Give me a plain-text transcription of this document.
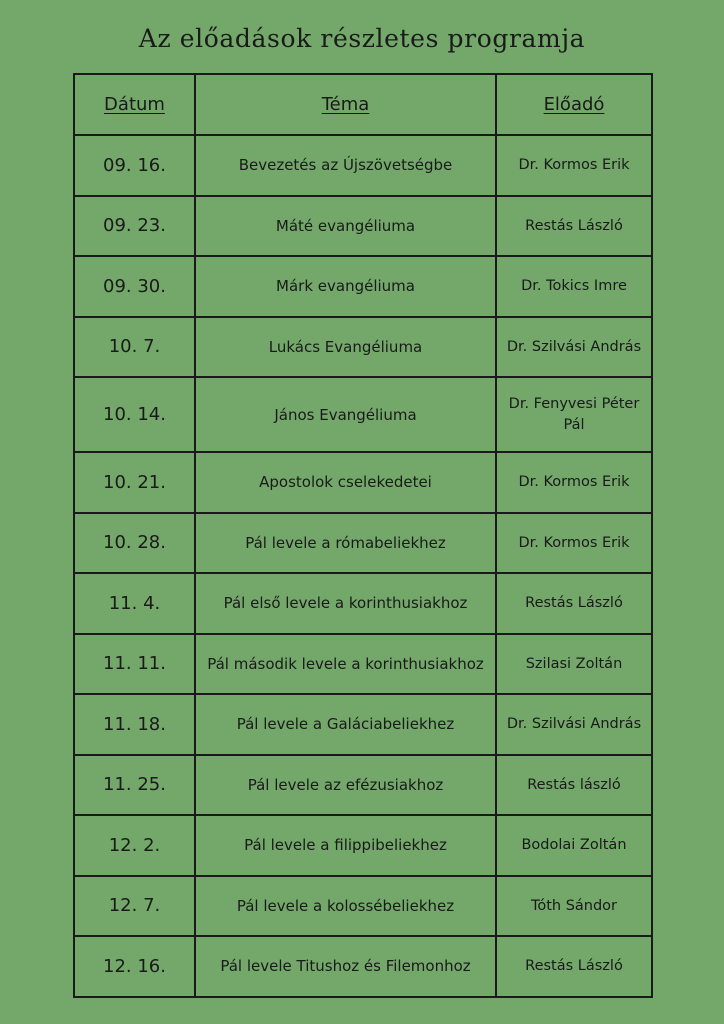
Az előadások részletes programja
Dátum	Téma	Előadó
09. 16.	Bevezetés az Újszövetségbe	Dr. Kormos Erik
09. 23.	Máté evangéliuma	Restás László
09. 30.	Márk evangéliuma	Dr. Tokics Imre
10. 7.	Lukács Evangéliuma	Dr. Szilvási András
10. 14.	János Evangéliuma	Dr. Fenyvesi Péter Pál
10. 21.	Apostolok cselekedetei	Dr. Kormos Erik
10. 28.	Pál levele a rómabeliekhez	Dr. Kormos Erik
11. 4.	Pál első levele a korinthusiakhoz	Restás László
11. 11.	Pál második levele a korinthusiakhoz	Szilasi Zoltán
11. 18.	Pál levele a Galáciabeliekhez	Dr. Szilvási András
11. 25.	Pál levele az efézusiakhoz	Restás lászló
12. 2.	Pál levele a filippibeliekhez	Bodolai Zoltán
12. 7.	Pál levele a kolossébeliekhez	Tóth Sándor
12. 16.	Pál levele Titushoz és Filemonhoz	Restás László
